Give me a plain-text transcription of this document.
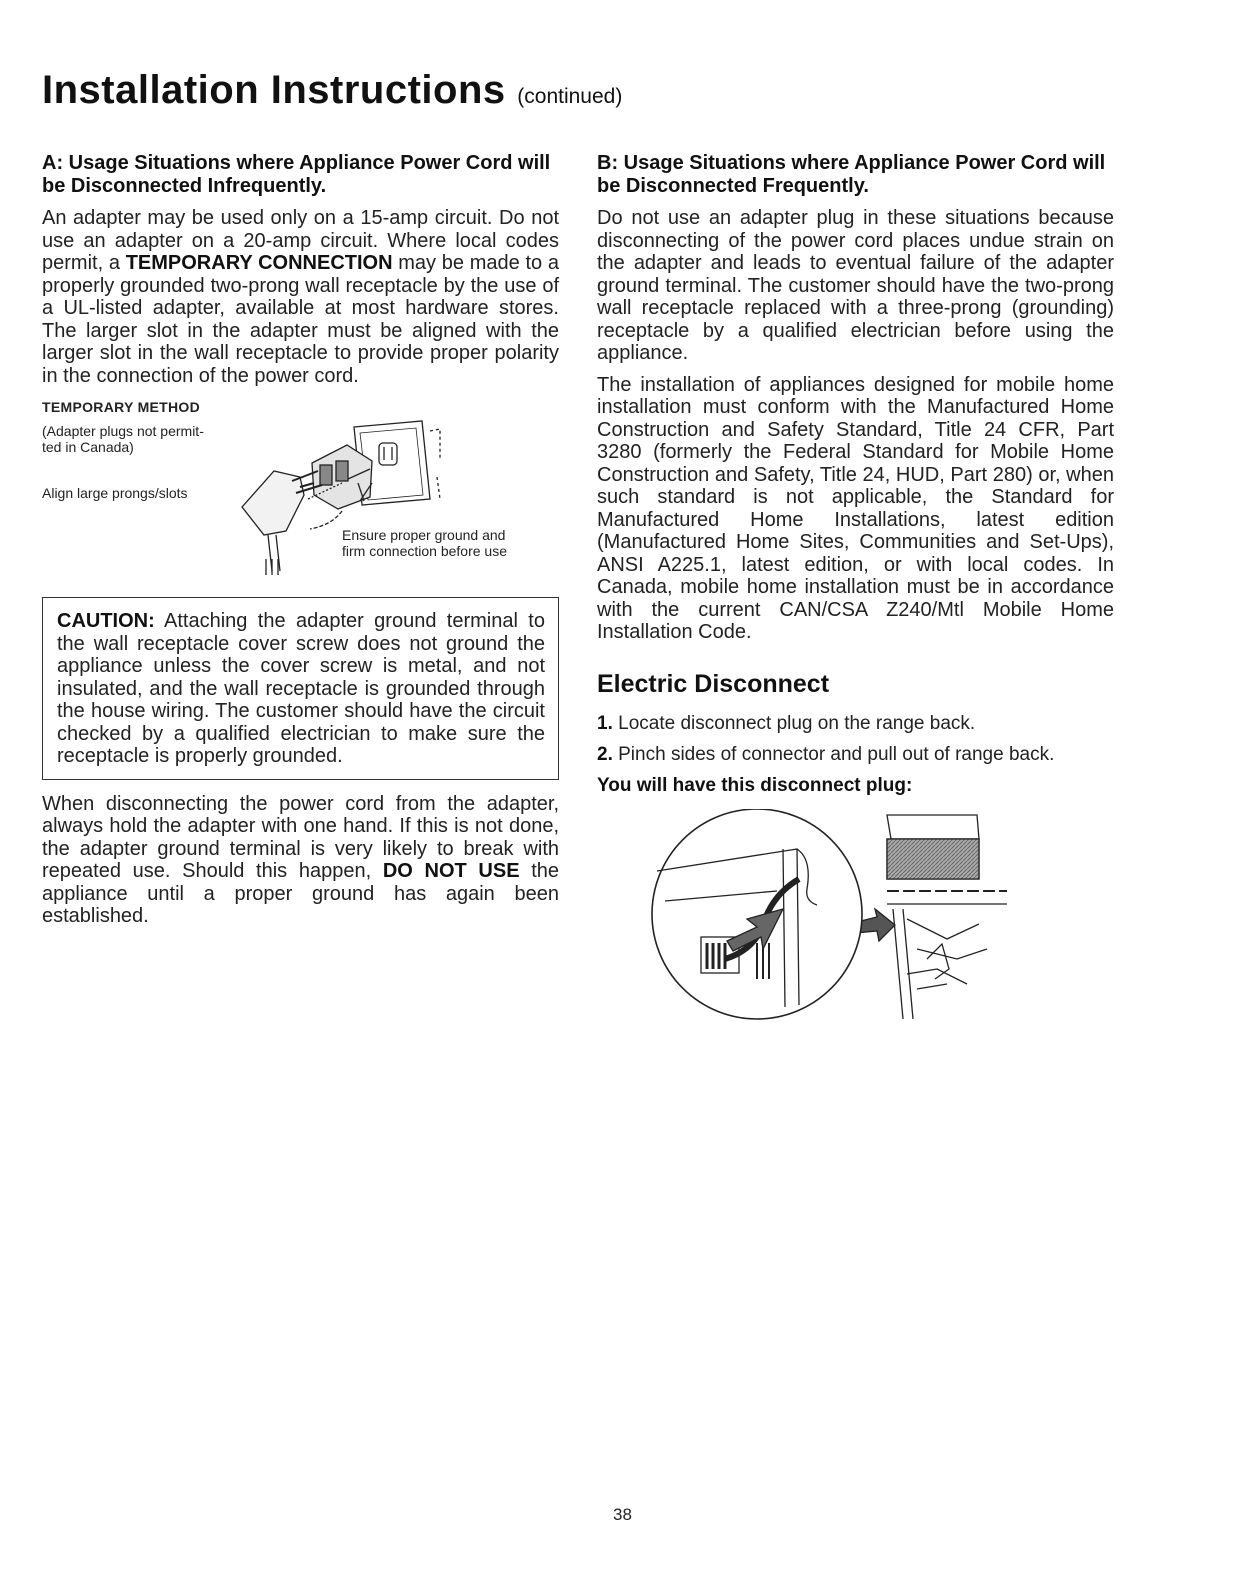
Installation Instructions (continued)
A: Usage Situations where Appliance Power Cord will be Disconnected Infrequently.

An adapter may be used only on a 15-amp circuit. Do not use an adapter on a 20-amp circuit. Where local codes permit, a TEMPORARY CONNECTION may be made to a properly grounded two-prong wall receptacle by the use of a UL-listed adapter, available at most hardware stores. The larger slot in the adapter must be aligned with the larger slot in the wall receptacle to provide proper polarity in the connection of the power cord.

TEMPORARY METHOD
(Adapter plugs not permit-
ted in Canada)
Align large prongs/slots
Ensure proper ground and
firm connection before use
CAUTION: Attaching the adapter ground terminal to the wall receptacle cover screw does not ground the appliance unless the cover screw is metal, and not insulated, and the wall receptacle is grounded through the house wiring. The customer should have the circuit checked by a qualified electrician to make sure the receptacle is properly grounded.

When disconnecting the power cord from the adapter, always hold the adapter with one hand. If this is not done, the adapter ground terminal is very likely to break with repeated use. Should this happen, DO NOT USE the appliance until a proper ground has again been established.

B: Usage Situations where Appliance Power Cord will be Disconnected Frequently.

Do not use an adapter plug in these situations because disconnecting of the power cord places undue strain on the adapter and leads to eventual failure of the adapter ground terminal. The customer should have the two-prong wall receptacle replaced with a three-prong (grounding) receptacle by a qualified electrician before using the appliance.

The installation of appliances designed for mobile home installation must conform with the Manufactured Home Construction and Safety Standard, Title 24 CFR, Part 3280 (formerly the Federal Standard for Mobile Home Construction and Safety, Title 24, HUD, Part 280) or, when such standard is not applicable, the Standard for Manufactured Home Installations, latest edition (Manufactured Home Sites, Communities and Set-Ups), ANSI A225.1, latest edition, or with local codes. In Canada, mobile home installation must be in accordance with the current CAN/CSA Z240/Mtl Mobile Home Installation Code.

Electric Disconnect

1. Locate disconnect plug on the range back.

2. Pinch sides of connector and pull out of range back.

You will have this disconnect plug:
38
